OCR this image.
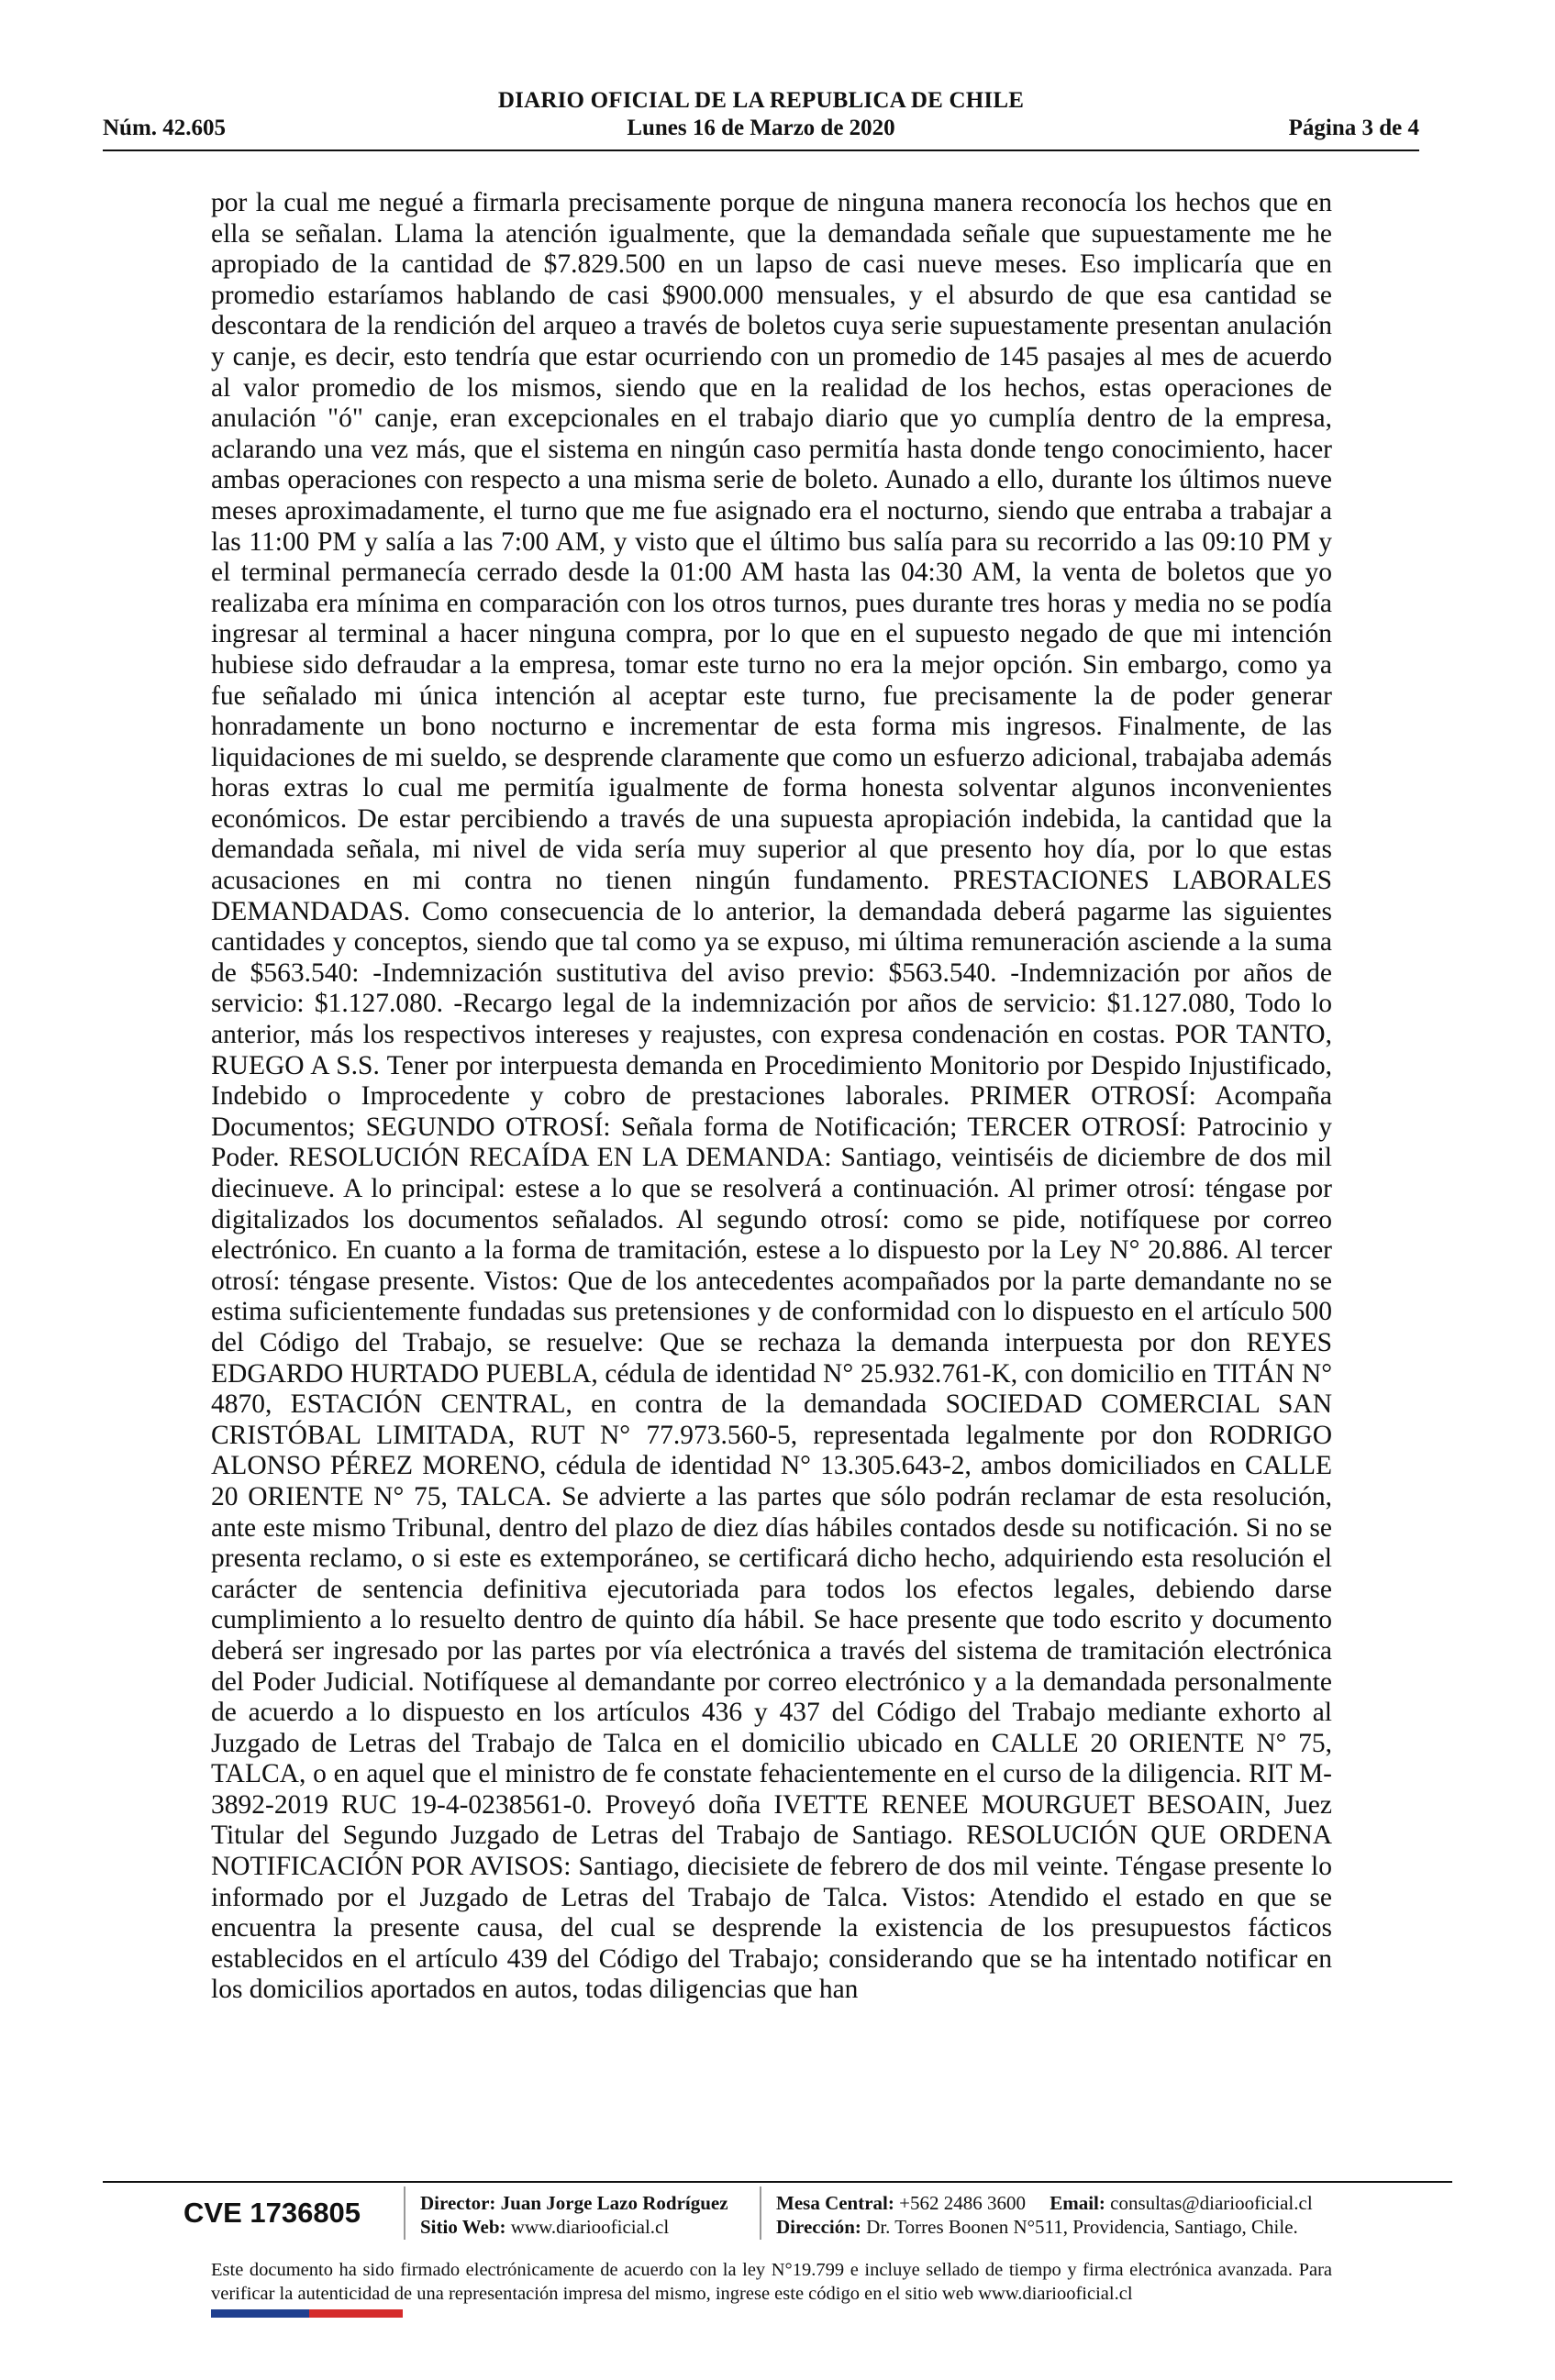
DIARIO OFICIAL DE LA REPUBLICA DE CHILE
Núm. 42.605	Lunes 16 de Marzo de 2020	Página 3 de 4
por la cual me negué a firmarla precisamente porque de ninguna manera reconocía los hechos que en ella se señalan. Llama la atención igualmente, que la demandada señale que supuestamente me he apropiado de la cantidad de $7.829.500 en un lapso de casi nueve meses. Eso implicaría que en promedio estaríamos hablando de casi $900.000 mensuales, y el absurdo de que esa cantidad se descontara de la rendición del arqueo a través de boletos cuya serie supuestamente presentan anulación y canje, es decir, esto tendría que estar ocurriendo con un promedio de 145 pasajes al mes de acuerdo al valor promedio de los mismos, siendo que en la realidad de los hechos, estas operaciones de anulación "ó" canje, eran excepcionales en el trabajo diario que yo cumplía dentro de la empresa, aclarando una vez más, que el sistema en ningún caso permitía hasta donde tengo conocimiento, hacer ambas operaciones con respecto a una misma serie de boleto. Aunado a ello, durante los últimos nueve meses aproximadamente, el turno que me fue asignado era el nocturno, siendo que entraba a trabajar a las 11:00 PM y salía a las 7:00 AM, y visto que el último bus salía para su recorrido a las 09:10 PM y el terminal permanecía cerrado desde la 01:00 AM hasta las 04:30 AM, la venta de boletos que yo realizaba era mínima en comparación con los otros turnos, pues durante tres horas y media no se podía ingresar al terminal a hacer ninguna compra, por lo que en el supuesto negado de que mi intención hubiese sido defraudar a la empresa, tomar este turno no era la mejor opción. Sin embargo, como ya fue señalado mi única intención al aceptar este turno, fue precisamente la de poder generar honradamente un bono nocturno e incrementar de esta forma mis ingresos. Finalmente, de las liquidaciones de mi sueldo, se desprende claramente que como un esfuerzo adicional, trabajaba además horas extras lo cual me permitía igualmente de forma honesta solventar algunos inconvenientes económicos. De estar percibiendo a través de una supuesta apropiación indebida, la cantidad que la demandada señala, mi nivel de vida sería muy superior al que presento hoy día, por lo que estas acusaciones en mi contra no tienen ningún fundamento. PRESTACIONES LABORALES DEMANDADAS. Como consecuencia de lo anterior, la demandada deberá pagarme las siguientes cantidades y conceptos, siendo que tal como ya se expuso, mi última remuneración asciende a la suma de $563.540: -Indemnización sustitutiva del aviso previo: $563.540. -Indemnización por años de servicio: $1.127.080. -Recargo legal de la indemnización por años de servicio: $1.127.080, Todo lo anterior, más los respectivos intereses y reajustes, con expresa condenación en costas. POR TANTO, RUEGO A S.S. Tener por interpuesta demanda en Procedimiento Monitorio por Despido Injustificado, Indebido o Improcedente y cobro de prestaciones laborales. PRIMER OTROSÍ: Acompaña Documentos; SEGUNDO OTROSÍ: Señala forma de Notificación; TERCER OTROSÍ: Patrocinio y Poder. RESOLUCIÓN RECAÍDA EN LA DEMANDA: Santiago, veintiséis de diciembre de dos mil diecinueve. A lo principal: estese a lo que se resolverá a continuación. Al primer otrosí: téngase por digitalizados los documentos señalados. Al segundo otrosí: como se pide, notifíquese por correo electrónico. En cuanto a la forma de tramitación, estese a lo dispuesto por la Ley N° 20.886. Al tercer otrosí: téngase presente. Vistos: Que de los antecedentes acompañados por la parte demandante no se estima suficientemente fundadas sus pretensiones y de conformidad con lo dispuesto en el artículo 500 del Código del Trabajo, se resuelve: Que se rechaza la demanda interpuesta por don REYES EDGARDO HURTADO PUEBLA, cédula de identidad N° 25.932.761-K, con domicilio en TITÁN N° 4870, ESTACIÓN CENTRAL, en contra de la demandada SOCIEDAD COMERCIAL SAN CRISTÓBAL LIMITADA, RUT N° 77.973.560-5, representada legalmente por don RODRIGO ALONSO PÉREZ MORENO, cédula de identidad N° 13.305.643-2, ambos domiciliados en CALLE 20 ORIENTE N° 75, TALCA. Se advierte a las partes que sólo podrán reclamar de esta resolución, ante este mismo Tribunal, dentro del plazo de diez días hábiles contados desde su notificación. Si no se presenta reclamo, o si este es extemporáneo, se certificará dicho hecho, adquiriendo esta resolución el carácter de sentencia definitiva ejecutoriada para todos los efectos legales, debiendo darse cumplimiento a lo resuelto dentro de quinto día hábil. Se hace presente que todo escrito y documento deberá ser ingresado por las partes por vía electrónica a través del sistema de tramitación electrónica del Poder Judicial. Notifíquese al demandante por correo electrónico y a la demandada personalmente de acuerdo a lo dispuesto en los artículos 436 y 437 del Código del Trabajo mediante exhorto al Juzgado de Letras del Trabajo de Talca en el domicilio ubicado en CALLE 20 ORIENTE N° 75, TALCA, o en aquel que el ministro de fe constate fehacientemente en el curso de la diligencia. RIT M-3892-2019 RUC 19-4-0238561-0. Proveyó doña IVETTE RENEE MOURGUET BESOAIN, Juez Titular del Segundo Juzgado de Letras del Trabajo de Santiago. RESOLUCIÓN QUE ORDENA NOTIFICACIÓN POR AVISOS: Santiago, diecisiete de febrero de dos mil veinte. Téngase presente lo informado por el Juzgado de Letras del Trabajo de Talca. Vistos: Atendido el estado en que se encuentra la presente causa, del cual se desprende la existencia de los presupuestos fácticos establecidos en el artículo 439 del Código del Trabajo; considerando que se ha intentado notificar en los domicilios aportados en autos, todas diligencias que han
CVE 1736805	Director: Juan Jorge Lazo Rodríguez
Sitio Web: www.diariooficial.cl
Mesa Central: +562 2486 3600 Email: consultas@diariooficial.cl
Dirección: Dr. Torres Boonen N°511, Providencia, Santiago, Chile.
Este documento ha sido firmado electrónicamente de acuerdo con la ley N°19.799 e incluye sellado de tiempo y firma electrónica avanzada. Para verificar la autenticidad de una representación impresa del mismo, ingrese este código en el sitio web www.diariooficial.cl
